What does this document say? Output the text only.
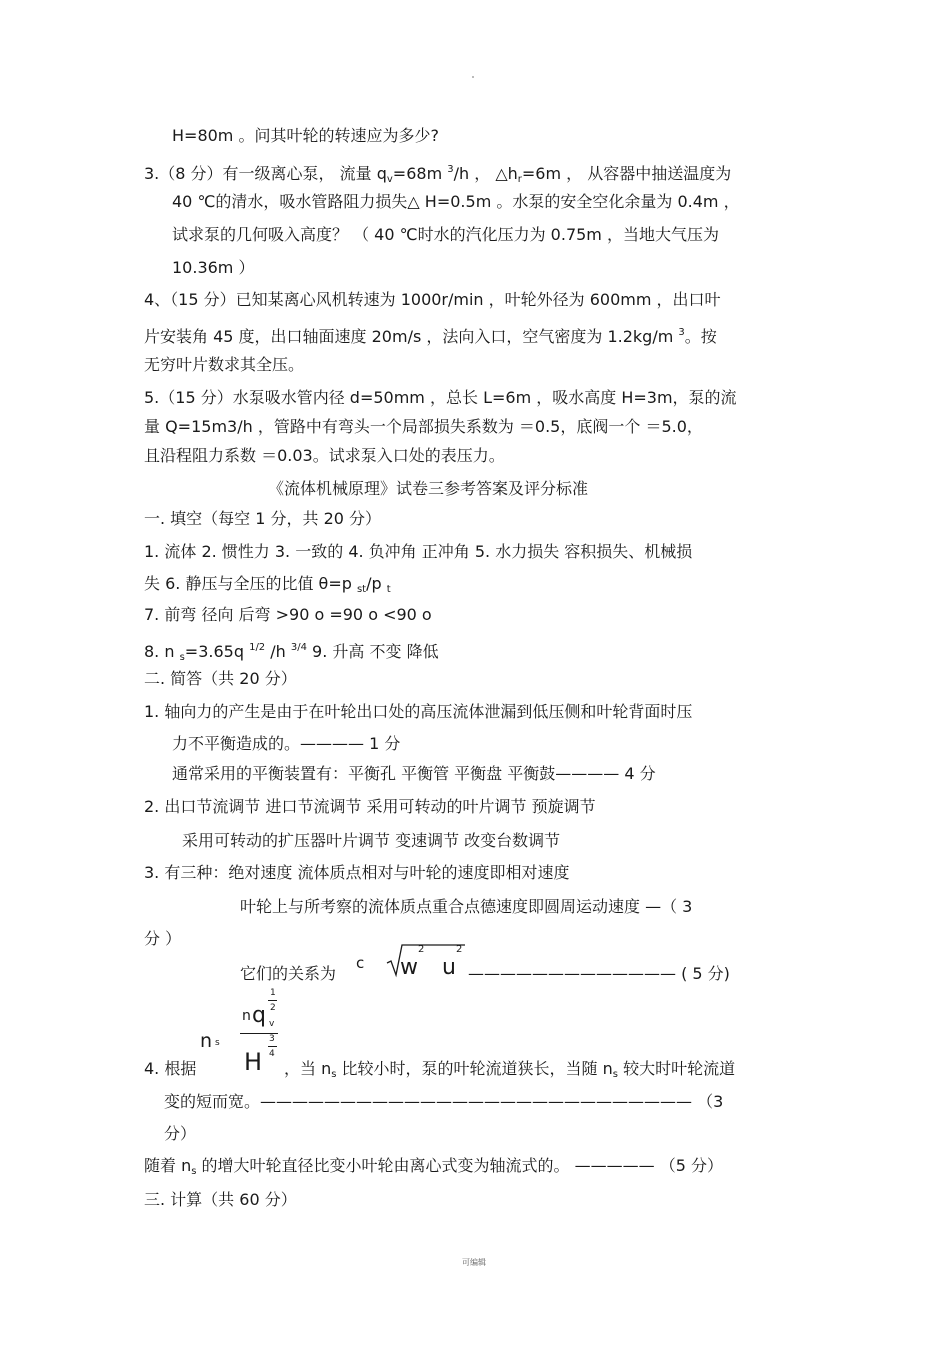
H=80m 。问其叶轮的转速应为多少?
3.（8 分）有一级离心泵， 流量 $q_v=68m$ $^3$/h ， $\triangle h_r=6m$ ， 从容器中抽送温度为
40 ℃的清水，吸水管路阻力损失△ H=0.5m 。水泵的安全空化余量为 0.4m ，
试求泵的几何吸入高度？ （ 40 ℃时水的汽化压力为 0.75m ，当地大气压为
10.36m ）
4、（15 分）已知某离心风机转速为 1000r/min ，叶轮外径为 600mm ，出口叶
片安装角 45 度，出口轴面速度 20m/s ，法向入口，空气密度为 1.2kg/m $^3$。按
无穷叶片数求其全压。
5.（15 分）水泵吸水管内径 d=50mm ，总长 L=6m ，吸水高度 H=3m，泵的流
量 Q=15m3/h ，管路中有弯头一个局部损失系数为 ＝0.5，底阀一个 ＝5.0，
且沿程阻力系数 ＝0.03。试求泵入口处的表压力。
《流体机械原理》试卷三参考答案及评分标准
一. 填空（每空 1 分，共 20 分）
1. 流体 2. 惯性力 3. 一致的 4. 负冲角 正冲角 5. 水力损失 容积损失、机械损
失 6. 静压与全压的比值 θ=p $_{st}$/p $_t$
7. 前弯 径向 后弯 >90 o =90 o <90 o
8. n $_s$=3.65q $^{1/2}$ /h $^{3/4}$ 9. 升高 不变 降低
二. 简答（共 20 分）
1. 轴向力的产生是由于在叶轮出口处的高压流体泄漏到低压侧和叶轮背面时压
力不平衡造成的。———— 1 分
通常采用的平衡装置有：平衡孔 平衡管 平衡盘 平衡鼓———— 4 分
2. 出口节流调节 进口节流调节 采用可转动的叶片调节 预旋调节
采用可转动的扩压器叶片调节 变速调节 改变台数调节
3. 有三种：绝对速度 流体质点相对与叶轮的速度即相对速度
叶轮上与所考察的流体质点重合点德速度即圆周运动速度 —（ 3
分 ）
它们的关系为
c w
2
u
2
————————————— ( 5 分)
n s
n q
1
2
v
H
3
4
4. 根据	，当 $n_s$ 比较小时，泵的叶轮流道狭长，当随 $n_s$ 较大时叶轮流道
变的短而宽。——————————————————————————— （3
分）
随着 $n_s$ 的增大叶轮直径比变小叶轮由离心式变为轴流式的。 ————— （5 分）
三. 计算（共 60 分）
可编辑
